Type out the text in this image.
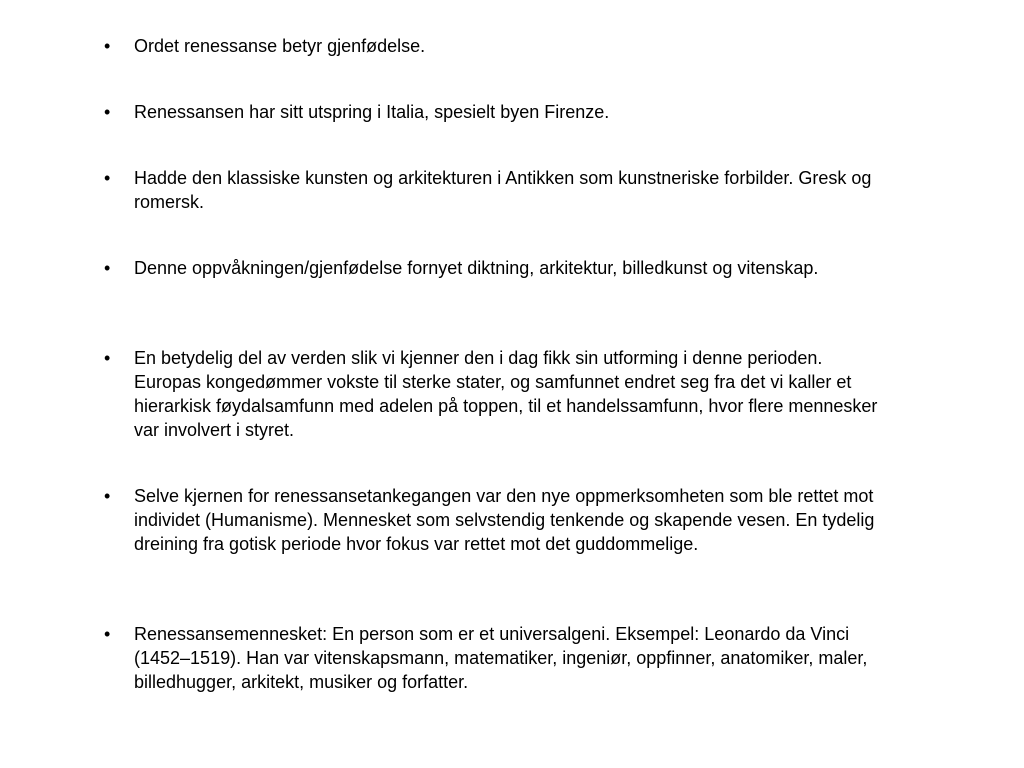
•	Ordet renessanse betyr gjenfødelse.
•	Renessansen har sitt utspring i Italia, spesielt byen Firenze.
•	Hadde den klassiske kunsten og arkitekturen i Antikken som kunstneriske forbilder. Gresk og romersk.
•	Denne oppvåkningen/gjenfødelse fornyet diktning, arkitektur, billedkunst og vitenskap.
•	En betydelig del av verden slik vi kjenner den i dag fikk sin utforming i denne perioden. Europas kongedømmer vokste til sterke stater, og samfunnet endret seg fra det vi kaller et hierarkisk føydalsamfunn med adelen på toppen, til et handelssamfunn, hvor flere mennesker var involvert i styret.
•	Selve kjernen for renessansetankegangen var den nye oppmerksomheten som ble rettet mot individet (Humanisme). Mennesket som selvstendig tenkende og skapende vesen. En tydelig dreining fra gotisk periode hvor fokus var rettet mot det guddommelige.
•	Renessansemennesket: En person som er et universalgeni. Eksempel: Leonardo da Vinci (1452–1519). Han var vitenskapsmann, matematiker, ingeniør, oppfinner, anatomiker, maler, billedhugger, arkitekt, musiker og forfatter.
